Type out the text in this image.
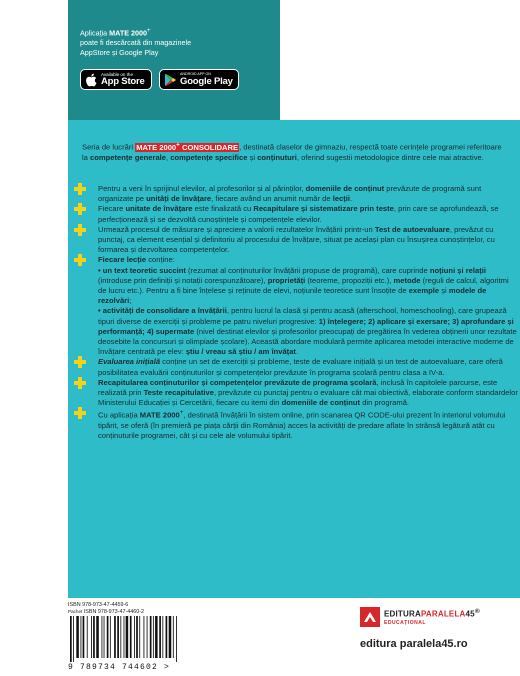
Aplicația MATE 2000+
poate fi descărcată din magazinele
AppStore și Google Play
Available on the
App Store
ANDROID APP ON
Google Play
Seria de lucrări MATE 2000+ CONSOLIDARE, destinată claselor de gimnaziu, respectă toate cerințele programei referitoare la competențe generale, competențe specifice și conținuturi, oferind sugestii metodologice dintre cele mai atractive.
Pentru a veni în sprijinul elevilor, al profesorilor și al părinților, domeniile de conținut prevăzute de programă sunt organizate pe unități de învățare, fiecare având un anumit număr de lecții.
Fiecare unitate de învățare este finalizată cu Recapitulare și sistematizare prin teste, prin care se aprofundează, se perfecționează și se dezvoltă cunoștințele și competențele elevilor.
Urmează procesul de măsurare și apreciere a valorii rezultatelor învățării printr-un Test de autoevaluare, prevăzut cu punctaj, ca element esențial și definitoriu al procesului de învățare, situat pe același plan cu însușirea cunoștințelor, cu formarea și dezvoltarea competențelor.
Fiecare lecție conține:
• un text teoretic succint (rezumat al conținuturilor învățării propuse de programă), care cuprinde noțiuni și relații (introduse prin definiții și notații corespunzătoare), proprietăți (teoreme, propoziții etc.), metode (reguli de calcul, algoritmi de lucru etc.). Pentru a fi bine înțelese și reținute de elevi, noțiunile teoretice sunt însoțite de exemple și modele de rezolvări;
• activități de consolidare a învățării, pentru lucrul la clasă și pentru acasă (afterschool, homeschooling), care grupează tipuri diverse de exerciții și probleme pe patru niveluri progresive: 1) înțelegere; 2) aplicare și exersare; 3) aprofundare și performanță; 4) supermate (nivel destinat elevilor și profesorilor preocupați de pregătirea în vederea obținerii unor rezultate deosebite la concursuri și olimpiade școlare). Această abordare modulară permite aplicarea metodei interactive moderne de învățare centrată pe elev: știu / vreau să știu / am învățat.
Evaluarea inițială conține un set de exerciții și probleme, teste de evaluare inițială și un test de autoevaluare, care oferă posibilitatea evaluării conținuturilor și competențelor prevăzute în programa școlară pentru clasa a IV-a.
Recapitularea conținuturilor și competențelor prevăzute de programa școlară, inclusă în capitolele parcurse, este realizată prin Teste recapitulative, prevăzute cu punctaj pentru o evaluare cât mai obiectivă, elaborate conform standardelor Ministerului Educației și Cercetării, fiecare cu itemi din domeniile de conținut din programă.
Cu aplicația MATE 2000+, destinată învățării în sistem online, prin scanarea QR CODE-ului prezent în interiorul volumului tipărit, se oferă (în premieră pe piața cărții din România) acces la activități de predare aflate în strânsă legătură atât cu conținuturile programei, cât și cu cele ale volumului tipărit.
ISBN 978-973-47-4459-6
Pachet ISBN 978-973-47-4460-2
9 789734 744602 >
EDITURAPARALELA45®
EDUCAȚIONAL
editura paralela45.ro
